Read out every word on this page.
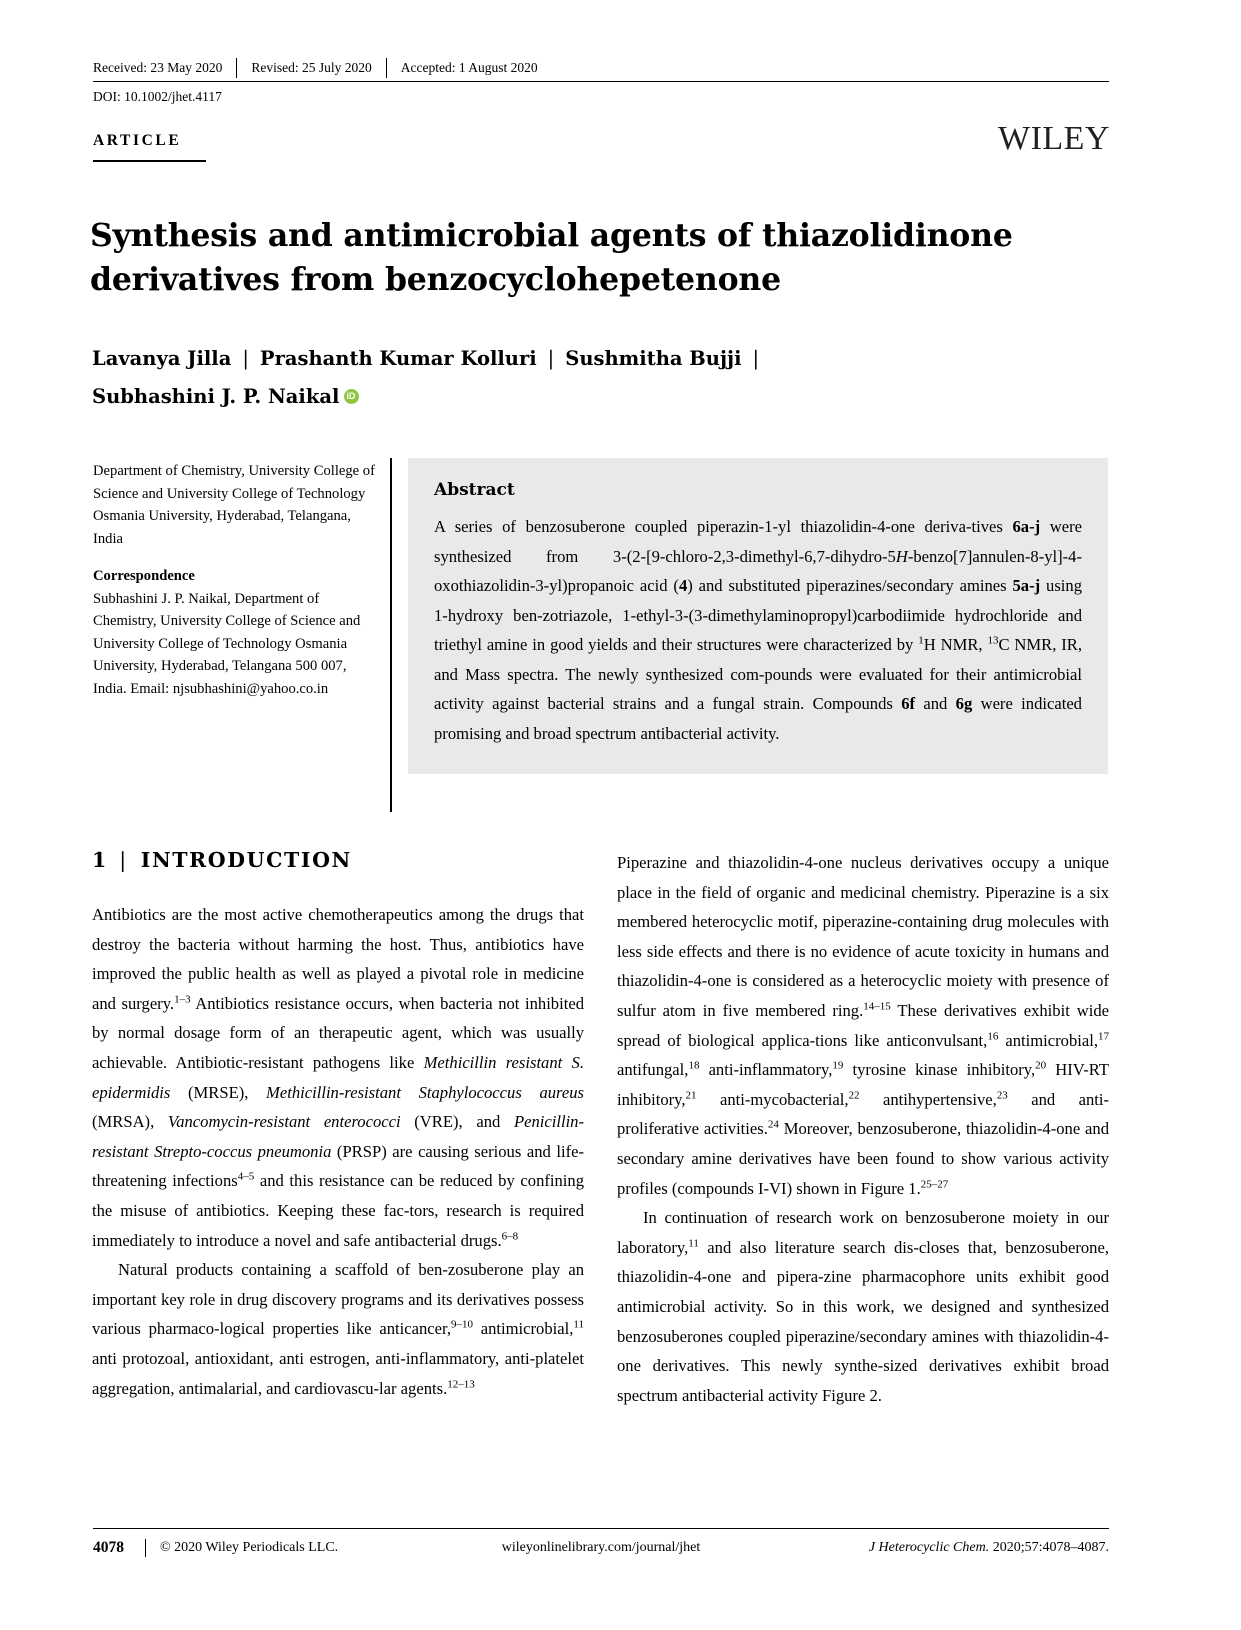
Received: 23 May 2020	Revised: 25 July 2020	Accepted: 1 August 2020
DOI: 10.1002/jhet.4117
ARTICLE	WILEY
Synthesis and antimicrobial agents of thiazolidinone derivatives from benzocyclohepetenone
Lavanya Jilla | Prashanth Kumar Kolluri | Sushmitha Bujji |
Subhashini J. P. NaikaliD
Department of Chemistry, University College of Science and University College of Technology Osmania University, Hyderabad, Telangana, India
Correspondence
Subhashini J. P. Naikal, Department of Chemistry, University College of Science and University College of Technology Osmania University, Hyderabad, Telangana 500 007, India. Email: njsubhashini@yahoo.co.in
Abstract
A series of benzosuberone coupled piperazin-1-yl thiazolidin-4-one deriva-tives 6a-j were synthesized from 3-(2-[9-chloro-2,3-dimethyl-6,7-dihydro-5H-benzo[7]annulen-8-yl]-4-oxothiazolidin-3-yl)propanoic acid (4) and substituted piperazines/secondary amines 5a-j using 1-hydroxy ben-zotriazole, 1-ethyl-3-(3-dimethylaminopropyl)carbodiimide hydrochloride and triethyl amine in good yields and their structures were characterized by $^1$H NMR, $^{13}$C NMR, IR, and Mass spectra. The newly synthesized com-pounds were evaluated for their antimicrobial activity against bacterial strains and a fungal strain. Compounds 6f and 6g were indicated promising and broad spectrum antibacterial activity.
1 | INTRODUCTION

Antibiotics are the most active chemotherapeutics among the drugs that destroy the bacteria without harming the host. Thus, antibiotics have improved the public health as well as played a pivotal role in medicine and surgery.$^{1-3}$ Antibiotics resistance occurs, when bacteria not inhibited by normal dosage form of an therapeutic agent, which was usually achievable. Antibiotic-resistant pathogens like Methicillin resistant S. epidermidis (MRSE), Methicillin-resistant Staphylococcus aureus (MRSA), Vancomycin-resistant enterococci (VRE), and Penicillin-resistant Strepto-coccus pneumonia (PRSP) are causing serious and life-threatening infections$^{4-5}$ and this resistance can be reduced by confining the misuse of antibiotics. Keeping these fac-tors, research is required immediately to introduce a novel and safe antibacterial drugs.$^{6-8}$

Natural products containing a scaffold of ben-zosuberone play an important key role in drug discovery programs and its derivatives possess various pharmaco-logical properties like anticancer,$^{9-10}$ antimicrobial,$^{11}$ anti protozoal, antioxidant, anti estrogen, anti-inflammatory, anti-platelet aggregation, antimalarial, and cardiovascu-lar agents.$^{12-13}$

Piperazine and thiazolidin-4-one nucleus derivatives occupy a unique place in the field of organic and medicinal chemistry. Piperazine is a six membered heterocyclic motif, piperazine-containing drug molecules with less side effects and there is no evidence of acute toxicity in humans and thiazolidin-4-one is considered as a heterocyclic moiety with presence of sulfur atom in five membered ring.$^{14-15}$ These derivatives exhibit wide spread of biological applica-tions like anticonvulsant,$^{16}$ antimicrobial,$^{17}$ antifungal,$^{18}$ anti-inflammatory,$^{19}$ tyrosine kinase inhibitory,$^{20}$ HIV-RT inhibitory,$^{21}$ anti-mycobacterial,$^{22}$ antihypertensive,$^{23}$ and anti-proliferative activities.$^{24}$ Moreover, benzosuberone, thiazolidin-4-one and secondary amine derivatives have been found to show various activity profiles (compounds I-VI) shown in Figure 1.$^{25-27}$

In continuation of research work on benzosuberone moiety in our laboratory,$^{11}$ and also literature search dis-closes that, benzosuberone, thiazolidin-4-one and pipera-zine pharmacophore units exhibit good antimicrobial activity. So in this work, we designed and synthesized benzosuberones coupled piperazine/secondary amines with thiazolidin-4-one derivatives. This newly synthe-sized derivatives exhibit broad spectrum antibacterial activity Figure 2.

4078	© 2020 Wiley Periodicals LLC.	wileyonlinelibrary.com/journal/jhet	J Heterocyclic Chem. 2020;57:4078–4087.
